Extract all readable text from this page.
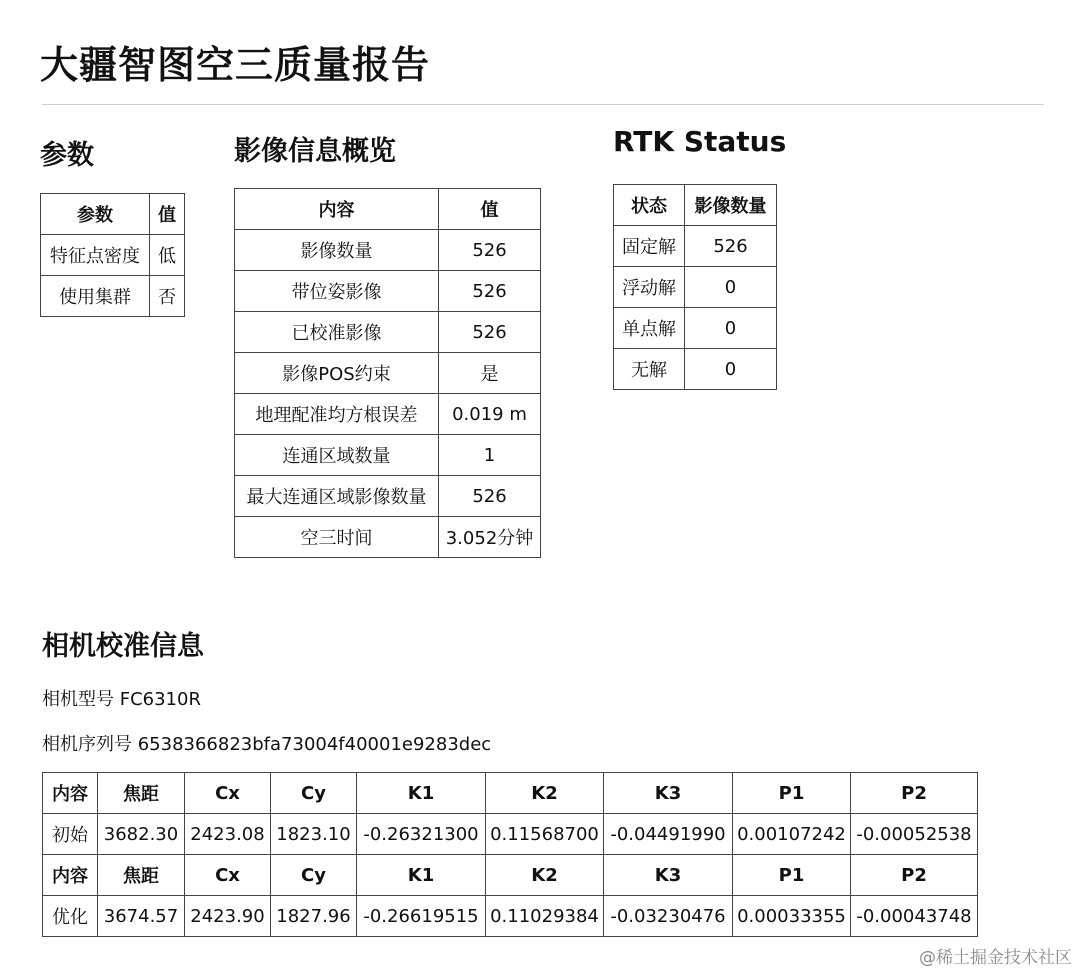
大疆智图空三质量报告
参数
参数	值
特征点密度	低
使用集群	否
影像信息概览
内容	值
影像数量	526
带位姿影像	526
已校准影像	526
影像POS约束	是
地理配准均方根误差	0.019 m
连通区域数量	1
最大连通区域影像数量	526
空三时间	3.052分钟
RTK Status
状态	影像数量
固定解	526
浮动解	0
单点解	0
无解	0
相机校准信息

相机型号 FC6310R

相机序列号 6538366823bfa73004f40001e9283dec

内容	焦距	Cx	Cy	K1	K2	K3	P1	P2
初始	3682.30	2423.08	1823.10	-0.26321300	0.11568700	-0.04491990	0.00107242	-0.00052538
内容	焦距	Cx	Cy	K1	K2	K3	P1	P2
优化	3674.57	2423.90	1827.96	-0.26619515	0.11029384	-0.03230476	0.00033355	-0.00043748
@稀土掘金技术社区
